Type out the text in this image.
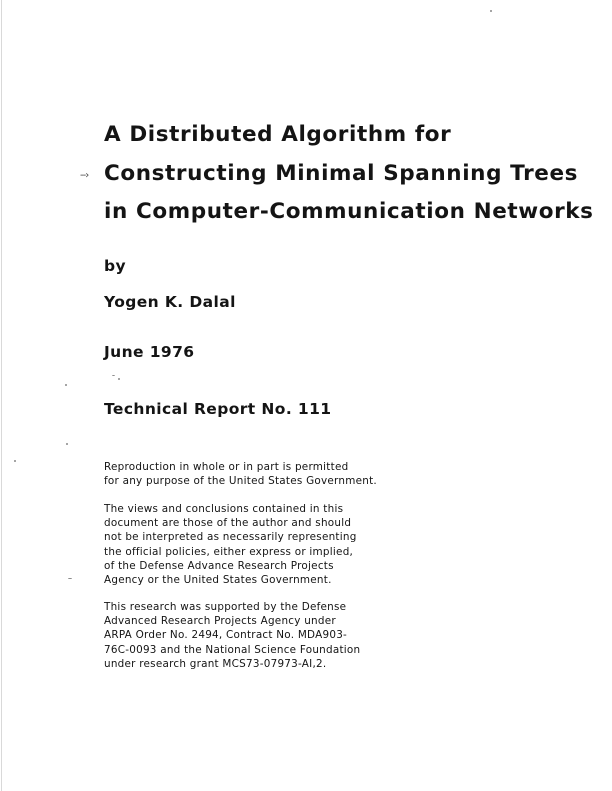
--›
A Distributed Algorithm for
Constructing Minimal Spanning Trees
in Computer-Communication Networks
by
Yogen K. Dalal
June 1976
Technical Report No. 111
Reproduction in whole or in part is permitted
for any purpose of the United States Government.
The views and conclusions contained in this
document are those of the author and should
not be interpreted as necessarily representing
the official policies, either express or implied,
of the Defense Advance Research Projects
Agency or the United States Government.
This research was supported by the Defense
Advanced Research Projects Agency under
ARPA Order No. 2494, Contract No. MDA903-
76C-0093 and the National Science Foundation
under research grant MCS73-07973-AI,2.
